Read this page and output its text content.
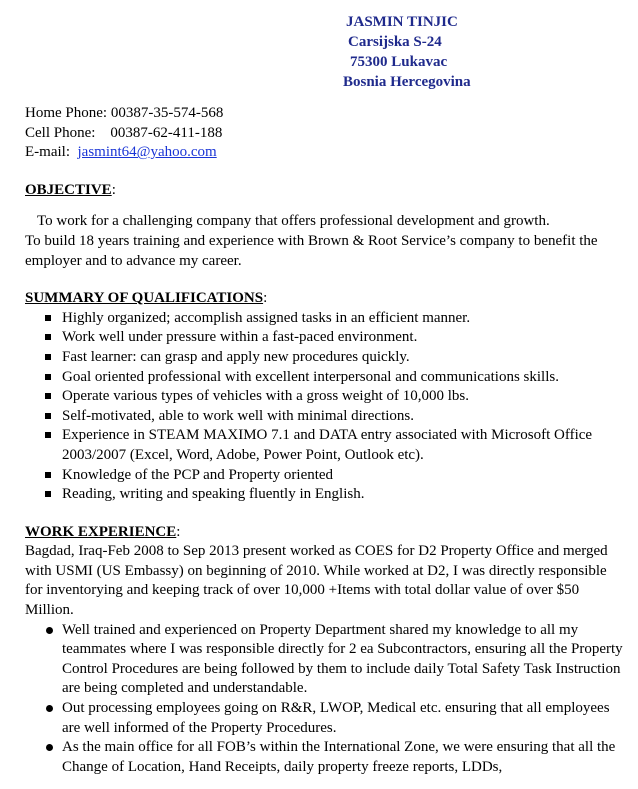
JASMIN TINJIC
Carsijska S-24
75300 Lukavac
Bosnia Hercegovina
Home Phone: 00387-35-574-568
Cell Phone: 00387-62-411-188
E-mail: jasmint64@yahoo.com
OBJECTIVE:

To work for a challenging company that offers professional development and growth.

To build 18 years training and experience with Brown & Root Service’s company to benefit the employer and to advance my career.

SUMMARY OF QUALIFICATIONS:
Highly organized; accomplish assigned tasks in an efficient manner.
Work well under pressure within a fast-paced environment.
Fast learner: can grasp and apply new procedures quickly.
Goal oriented professional with excellent interpersonal and communications skills.
Operate various types of vehicles with a gross weight of 10,000 lbs.
Self-motivated, able to work well with minimal directions.
Experience in STEAM MAXIMO 7.1 and DATA entry associated with Microsoft Office 2003/2007 (Excel, Word, Adobe, Power Point, Outlook etc).
Knowledge of the PCP and Property oriented
Reading, writing and speaking fluently in English.
WORK EXPERIENCE:

Bagdad, Iraq-Feb 2008 to Sep 2013 present worked as COES for D2 Property Office and merged with USMI (US Embassy) on beginning of 2010. While worked at D2, I was directly responsible for inventorying and keeping track of over 10,000 +Items with total dollar value of over $50 Million.

Well trained and experienced on Property Department shared my knowledge to all my teammates where I was responsible directly for 2 ea Subcontractors, ensuring all the Property Control Procedures are being followed by them to include daily Total Safety Task Instruction are being completed and understandable.
Out processing employees going on R&R, LWOP, Medical etc. ensuring that all employees are well informed of the Property Procedures.
As the main office for all FOB’s within the International Zone, we were ensuring that all the Change of Location, Hand Receipts, daily property freeze reports, LDDs,
